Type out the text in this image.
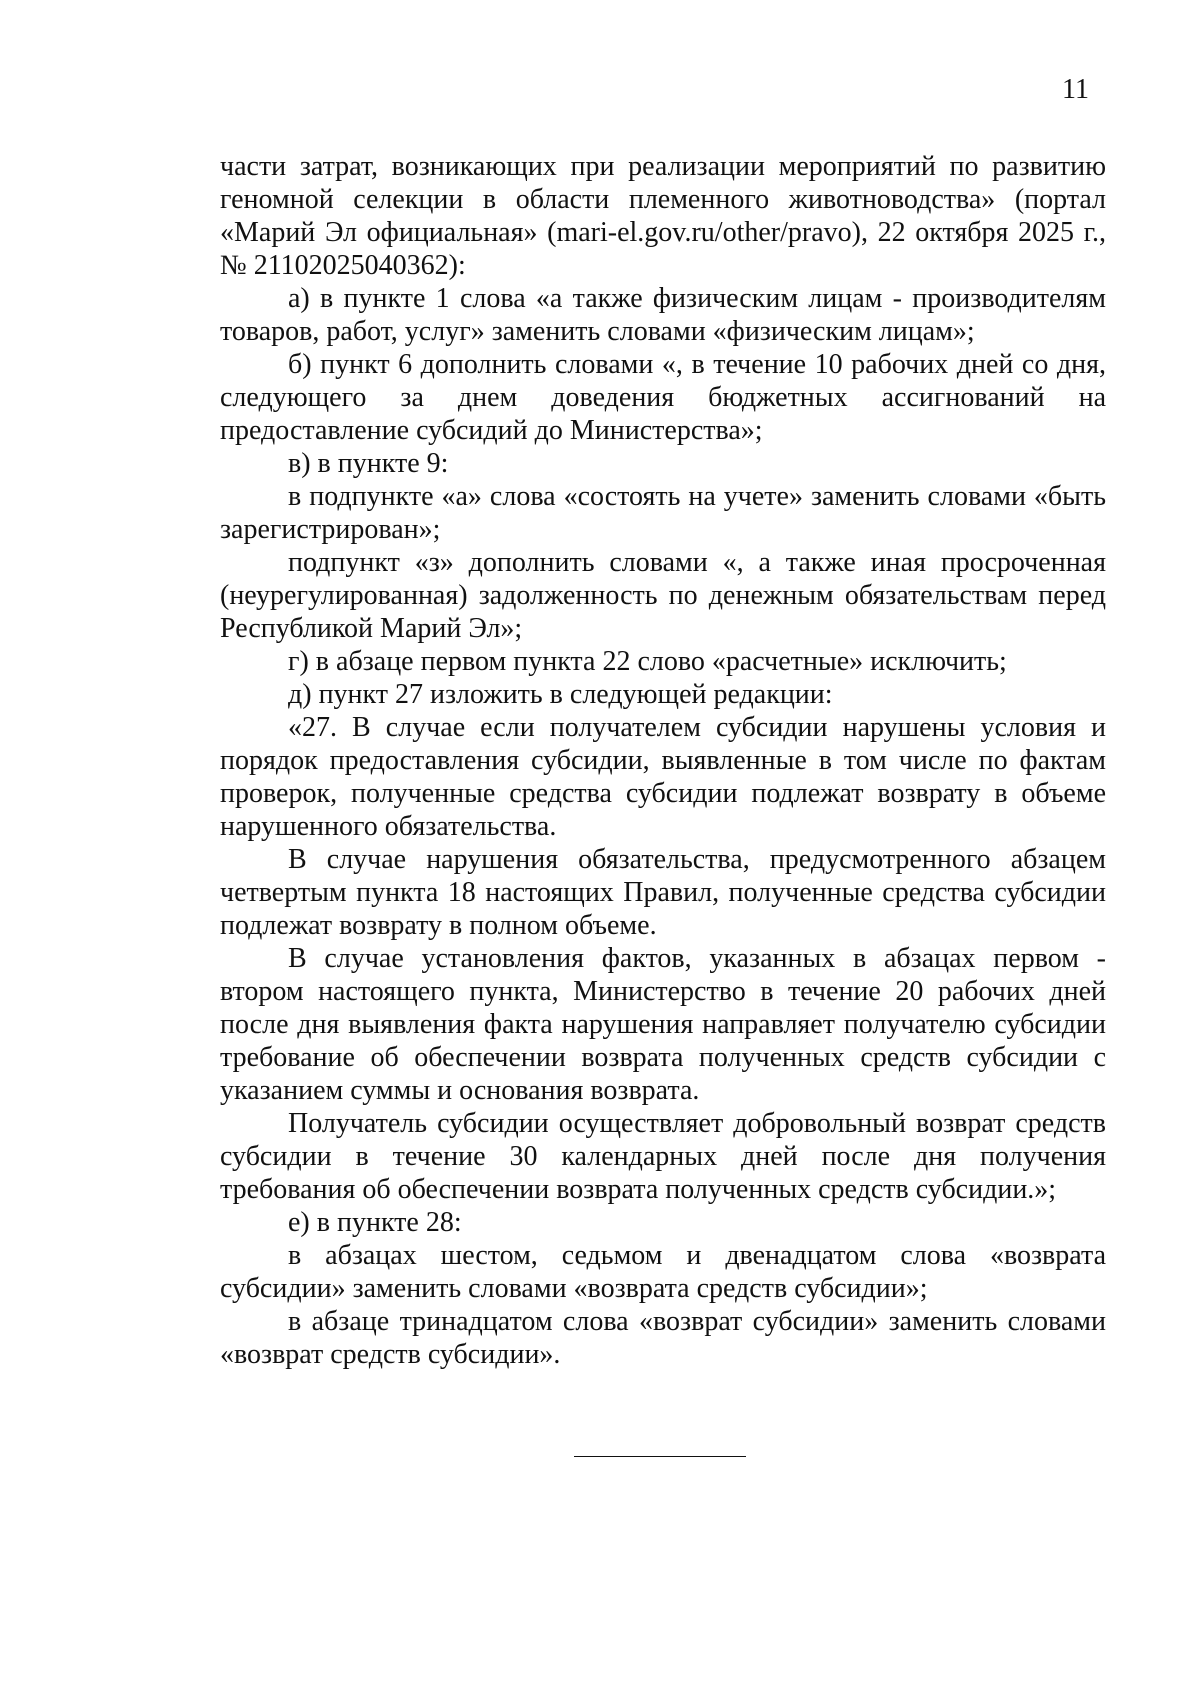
11

части затрат, возникающих при реализации мероприятий по развитию геномной селекции в области племенного животноводства» (портал «Марий Эл официальная» (mari-el.gov.ru/other/pravo), 22 октября 2025 г., № 21102025040362):

а) в пункте 1 слова «а также физическим лицам - производителям товаров, работ, услуг» заменить словами «физическим лицам»;

б) пункт 6 дополнить словами «, в течение 10 рабочих дней со дня, следующего за днем доведения бюджетных ассигнований на предоставление субсидий до Министерства»;

в) в пункте 9:

в подпункте «а» слова «состоять на учете» заменить словами «быть зарегистрирован»;

подпункт «з» дополнить словами «, а также иная просроченная (неурегулированная) задолженность по денежным обязательствам перед Республикой Марий Эл»;

г) в абзаце первом пункта 22 слово «расчетные» исключить;

д) пункт 27 изложить в следующей редакции:

«27. В случае если получателем субсидии нарушены условия и порядок предоставления субсидии, выявленные в том числе по фактам проверок, полученные средства субсидии подлежат возврату в объеме нарушенного обязательства.

В случае нарушения обязательства, предусмотренного абзацем четвертым пункта 18 настоящих Правил, полученные средства субсидии подлежат возврату в полном объеме.

В случае установления фактов, указанных в абзацах первом - втором настоящего пункта, Министерство в течение 20 рабочих дней после дня выявления факта нарушения направляет получателю субсидии требование об обеспечении возврата полученных средств субсидии с указанием суммы и основания возврата.

Получатель субсидии осуществляет добровольный возврат средств субсидии в течение 30 календарных дней после дня получения требования об обеспечении возврата полученных средств субсидии.»;

е) в пункте 28:

в абзацах шестом, седьмом и двенадцатом слова «возврата субсидии» заменить словами «возврата средств субсидии»;

в абзаце тринадцатом слова «возврат субсидии» заменить словами «возврат средств субсидии».
